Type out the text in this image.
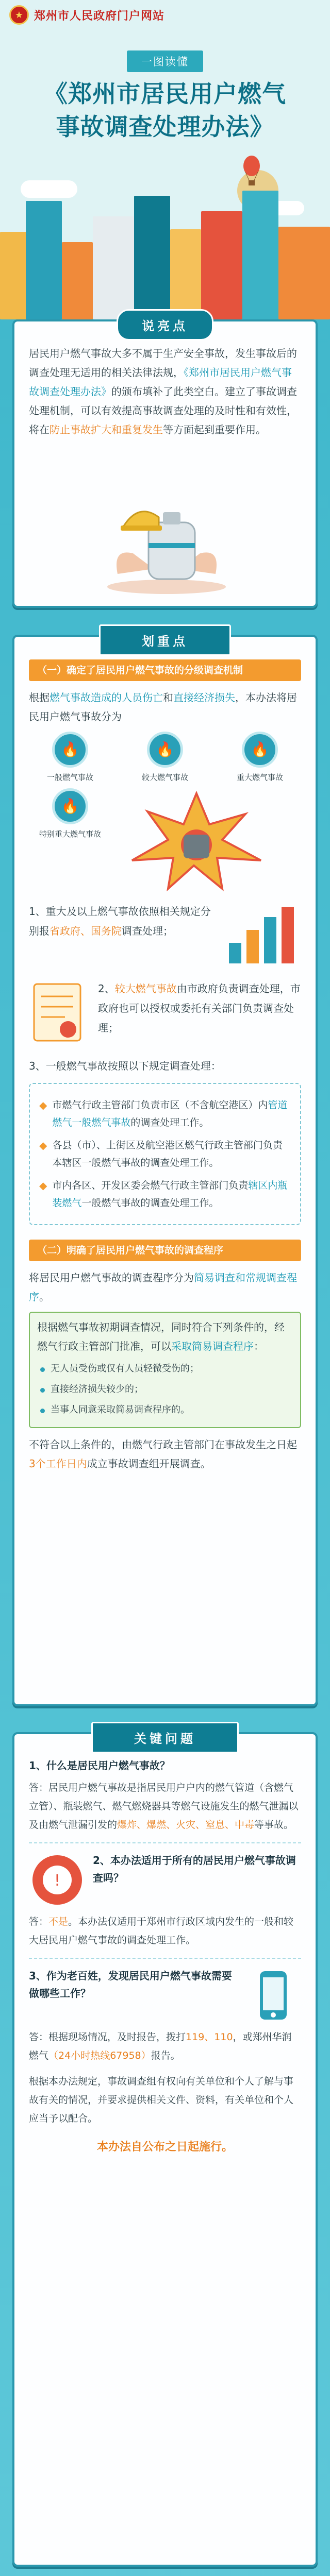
★ 郑州市人民政府门户网站
一图读懂
《郑州市居民用户燃气
事故调查处理办法》
说亮点
居民用户燃气事故大多不属于生产安全事故，发生事故后的调查处理无适用的相关法律法规，《郑州市居民用户燃气事故调查处理办法》的颁布填补了此类空白。建立了事故调查处理机制，可以有效提高事故调查处理的及时性和有效性，将在防止事故扩大和重复发生等方面起到重要作用。
划重点
（一）确定了居民用户燃气事故的分级调查机制
根据燃气事故造成的人员伤亡和直接经济损失，本办法将居民用户燃气事故分为
🔥
一般燃气事故
🔥
较大燃气事故
🔥
重大燃气事故
🔥
特别重大燃气事故
1、重大及以上燃气事故依照相关规定分别报省政府、国务院调查处理；
2、较大燃气事故由市政府负责调查处理，市政府也可以授权或委托有关部门负责调查处理；
3、一般燃气事故按照以下规定调查处理：
◆ 市燃气行政主管部门负责市区（不含航空港区）内管道燃气一般燃气事故的调查处理工作。
◆ 各县（市）、上街区及航空港区燃气行政主管部门负责本辖区一般燃气事故的调查处理工作。
◆ 市内各区、开发区委会燃气行政主管部门负责辖区内瓶装燃气一般燃气事故的调查处理工作。
（二）明确了居民用户燃气事故的调查程序
将居民用户燃气事故的调查程序分为简易调查和常规调查程序。
根据燃气事故初期调查情况，同时符合下列条件的，经燃气行政主管部门批准，可以采取简易调查程序：
无人员受伤或仅有人员轻微受伤的；
直接经济损失较少的；
当事人同意采取简易调查程序的。
不符合以上条件的，由燃气行政主管部门在事故发生之日起3个工作日内成立事故调查组开展调查。
关键问题
1、什么是居民用户燃气事故？
答：居民用户燃气事故是指居民用户户内的燃气管道（含燃气立管）、瓶装燃气、燃气燃烧器具等燃气设施发生的燃气泄漏以及由燃气泄漏引发的爆炸、爆燃、火灾、窒息、中毒等事故。
!
2、本办法适用于所有的居民用户燃气事故调查吗？
答：不是。本办法仅适用于郑州市行政区域内发生的一般和较大居民用户燃气事故的调查处理工作。
3、作为老百姓，发现居民用户燃气事故需要做哪些工作？
答：根据现场情况，及时报告，拨打119、110，或郑州华润燃气（24小时热线67958）报告。
根据本办法规定，事故调查组有权向有关单位和个人了解与事故有关的情况，并要求提供相关文件、资料，有关单位和个人应当予以配合。
本办法自公布之日起施行。
